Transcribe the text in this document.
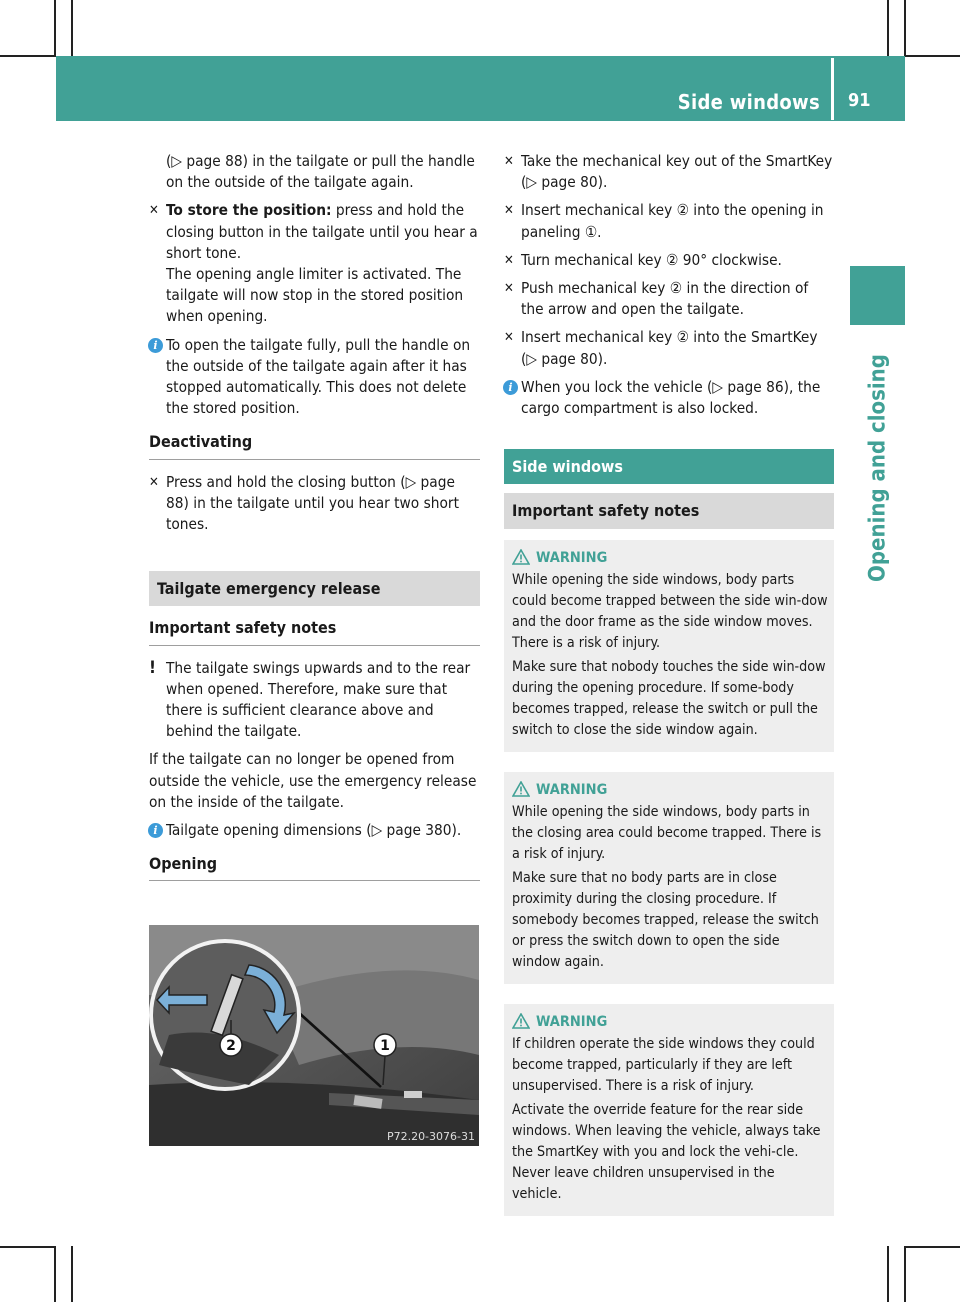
Side windows 91
Opening and closing

(▷ page 88) in the tailgate or pull the handle on the outside of the tailgate again.

✕ To store the position: press and hold the closing button in the tailgate until you hear a short tone.
The opening angle limiter is activated. The tailgate will now stop in the stored position when opening.
i To open the tailgate fully, pull the handle on the outside of the tailgate again after it has stopped automatically. This does not delete the stored position.
Deactivating
✕ Press and hold the closing button (▷ page 88) in the tailgate until you hear two short tones.
Tailgate emergency release
Important safety notes
! The tailgate swings upwards and to the rear when opened. Therefore, make sure that there is sufficient clearance above and behind the tailgate.

If the tailgate can no longer be opened from outside the vehicle, use the emergency release on the inside of the tailgate.

i Tailgate opening dimensions (▷ page 380).
Opening
2	1
P72.20-3076-31
✕ Take the mechanical key out of the SmartKey (▷ page 80).
✕ Insert mechanical key ② into the opening in paneling ①.
✕ Turn mechanical key ② 90° clockwise.
✕ Push mechanical key ② in the direction of the arrow and open the tailgate.
✕ Insert mechanical key ② into the SmartKey (▷ page 80).
i When you lock the vehicle (▷ page 86), the cargo compartment is also locked.
Side windows
Important safety notes
WARNING

While opening the side windows, body parts could become trapped between the side win-dow and the door frame as the side window moves. There is a risk of injury.

Make sure that nobody touches the side win-dow during the opening procedure. If some-body becomes trapped, release the switch or pull the switch to close the side window again.

WARNING

While opening the side windows, body parts in the closing area could become trapped. There is a risk of injury.

Make sure that no body parts are in close proximity during the closing procedure. If somebody becomes trapped, release the switch or press the switch down to open the side window again.

WARNING

If children operate the side windows they could become trapped, particularly if they are left unsupervised. There is a risk of injury.

Activate the override feature for the rear side windows. When leaving the vehicle, always take the SmartKey with you and lock the vehi-cle. Never leave children unsupervised in the vehicle.
